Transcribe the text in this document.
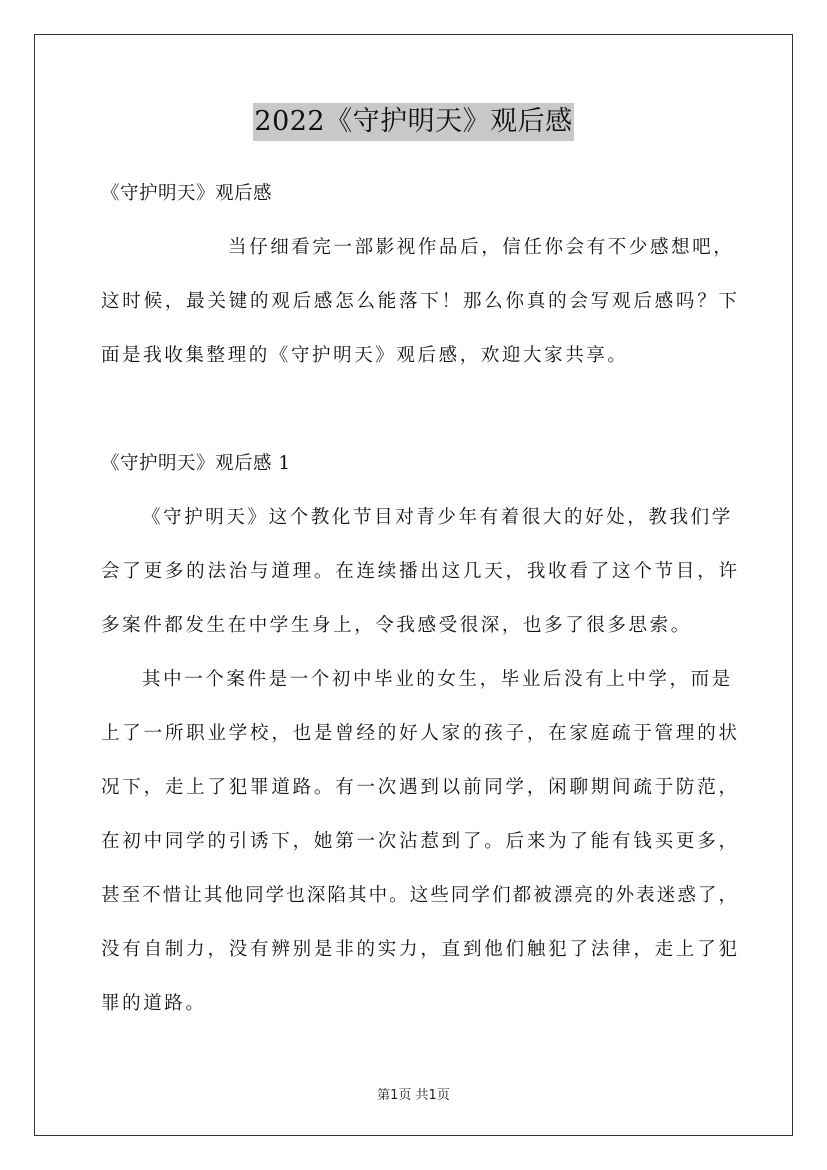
2022《守护明天》观后感
《守护明天》观后感
当仔细看完一部影视作品后，信任你会有不少感想吧，
这时候，最关键的观后感怎么能落下！那么你真的会写观后感吗？下
面是我收集整理的《守护明天》观后感，欢迎大家共享。
《守护明天》观后感 1
《守护明天》这个教化节目对青少年有着很大的好处，教我们学
会了更多的法治与道理。在连续播出这几天，我收看了这个节目，许
多案件都发生在中学生身上，令我感受很深，也多了很多思索。
其中一个案件是一个初中毕业的女生，毕业后没有上中学，而是
上了一所职业学校，也是曾经的好人家的孩子，在家庭疏于管理的状
况下，走上了犯罪道路。有一次遇到以前同学，闲聊期间疏于防范，
在初中同学的引诱下，她第一次沾惹到了。后来为了能有钱买更多，
甚至不惜让其他同学也深陷其中。这些同学们都被漂亮的外表迷惑了，
没有自制力，没有辨别是非的实力，直到他们触犯了法律，走上了犯
罪的道路。
第1页 共1页
